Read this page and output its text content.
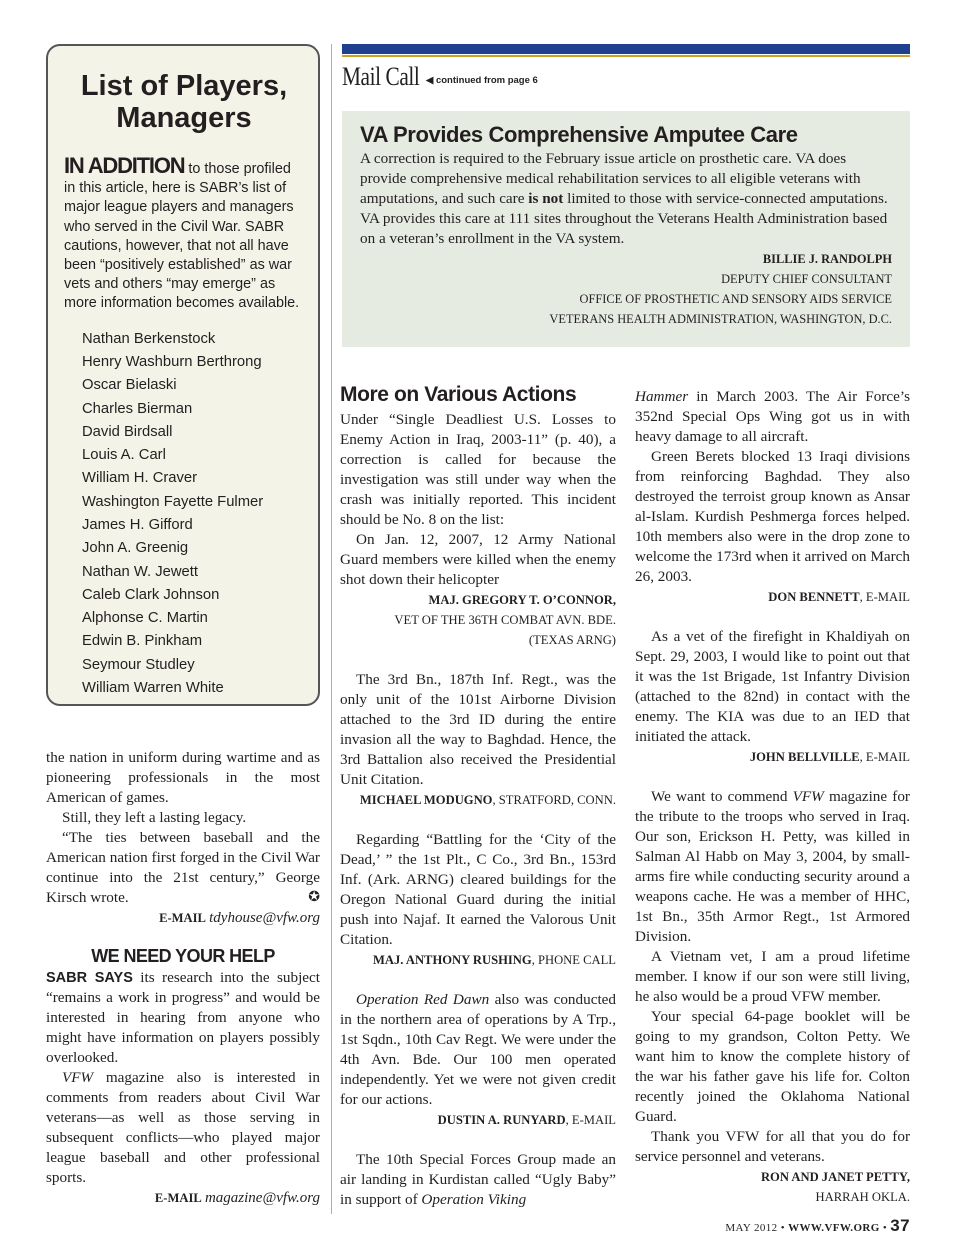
List of Players,
Managers

IN ADDITION to those profiled in this article, here is SABR’s list of major league players and managers who served in the Civil War. SABR cautions, however, that not all have been “positively established” as war vets and others “may emerge” as more information becomes available.

Nathan Berkenstock
Henry Washburn Berthrong
Oscar Bielaski
Charles Bierman
David Birdsall
Louis A. Carl
William H. Craver
Washington Fayette Fulmer
James H. Gifford
John A. Greenig
Nathan W. Jewett
Caleb Clark Johnson
Alphonse C. Martin
Edwin B. Pinkham
Seymour Studley
William Warren White

the nation in uniform during wartime and as pioneering professionals in the most American of games.

Still, they left a lasting legacy.

“The ties between baseball and the American nation first forged in the Civil War continue into the 21st century,” George Kirsch wrote.	✪

E-MAIL tdyhouse@vfw.org

WE NEED YOUR HELP

SABR SAYS its research into the subject “remains a work in progress” and would be interested in hearing from anyone who might have information on players possibly overlooked.

VFW magazine also is interested in comments from readers about Civil War veterans—as well as those serving in subsequent conflicts—who played major league baseball and other professional sports.

E-MAIL magazine@vfw.org

Mail Call ◀ continued from page 6
VA Provides Comprehensive Amputee Care

A correction is required to the February issue article on prosthetic care. VA does provide comprehensive medical rehabilitation services to all eligible veterans with amputations, and such care is not limited to those with service-connected amputations. VA provides this care at 111 sites throughout the Veterans Health Administration based on a veteran’s enrollment in the VA system.

BILLIE J. RANDOLPH
DEPUTY CHIEF CONSULTANT
OFFICE OF PROSTHETIC AND SENSORY AIDS SERVICE
VETERANS HEALTH ADMINISTRATION, WASHINGTON, D.C.

More on Various Actions

Under “Single Deadliest U.S. Losses to Enemy Action in Iraq, 2003-11” (p. 40), a correction is called for because the investigation was still under way when the crash was initially reported. This incident should be No. 8 on the list:

On Jan. 12, 2007, 12 Army National Guard members were killed when the enemy shot down their helicopter

MAJ. GREGORY T. O’CONNOR,
VET OF THE 36TH COMBAT AVN. BDE.
(TEXAS ARNG)

The 3rd Bn., 187th Inf. Regt., was the only unit of the 101st Airborne Division attached to the 3rd ID during the entire invasion all the way to Baghdad. Hence, the 3rd Battalion also received the Presidential Unit Citation.

MICHAEL MODUGNO, STRATFORD, CONN.

Regarding “Battling for the ‘City of the Dead,’ ” the 1st Plt., C Co., 3rd Bn., 153rd Inf. (Ark. ARNG) cleared buildings for the Oregon National Guard during the initial push into Najaf. It earned the Valorous Unit Citation.

MAJ. ANTHONY RUSHING, PHONE CALL

Operation Red Dawn also was conducted in the northern area of operations by A Trp., 1st Sqdn., 10th Cav Regt. We were under the 4th Avn. Bde. Our 100 men operated independently. Yet we were not given credit for our actions.

DUSTIN A. RUNYARD, E-MAIL

The 10th Special Forces Group made an air landing in Kurdistan called “Ugly Baby” in support of Operation Viking

Hammer in March 2003. The Air Force’s 352nd Special Ops Wing got us in with heavy damage to all aircraft.

Green Berets blocked 13 Iraqi divisions from reinforcing Baghdad. They also destroyed the terroist group known as Ansar al-Islam. Kurdish Peshmerga forces helped. 10th members also were in the drop zone to welcome the 173rd when it arrived on March 26, 2003.

DON BENNETT, E-MAIL

As a vet of the firefight in Khaldiyah on Sept. 29, 2003, I would like to point out that it was the 1st Brigade, 1st Infantry Division (attached to the 82nd) in contact with the enemy. The KIA was due to an IED that initiated the attack.

JOHN BELLVILLE, E-MAIL

We want to commend VFW magazine for the tribute to the troops who served in Iraq. Our son, Erickson H. Petty, was killed in Salman Al Habb on May 3, 2004, by small-arms fire while conducting security around a weapons cache. He was a member of HHC, 1st Bn., 35th Armor Regt., 1st Armored Division.

A Vietnam vet, I am a proud lifetime member. I know if our son were still living, he also would be a proud VFW member.

Your special 64-page booklet will be going to my grandson, Colton Petty. We want him to know the complete history of the war his father gave his life for. Colton recently joined the Oklahoma National Guard.

Thank you VFW for all that you do for service personnel and veterans.

RON AND JANET PETTY,
HARRAH OKLA.

MAY 2012 • WWW.VFW.ORG • 37
